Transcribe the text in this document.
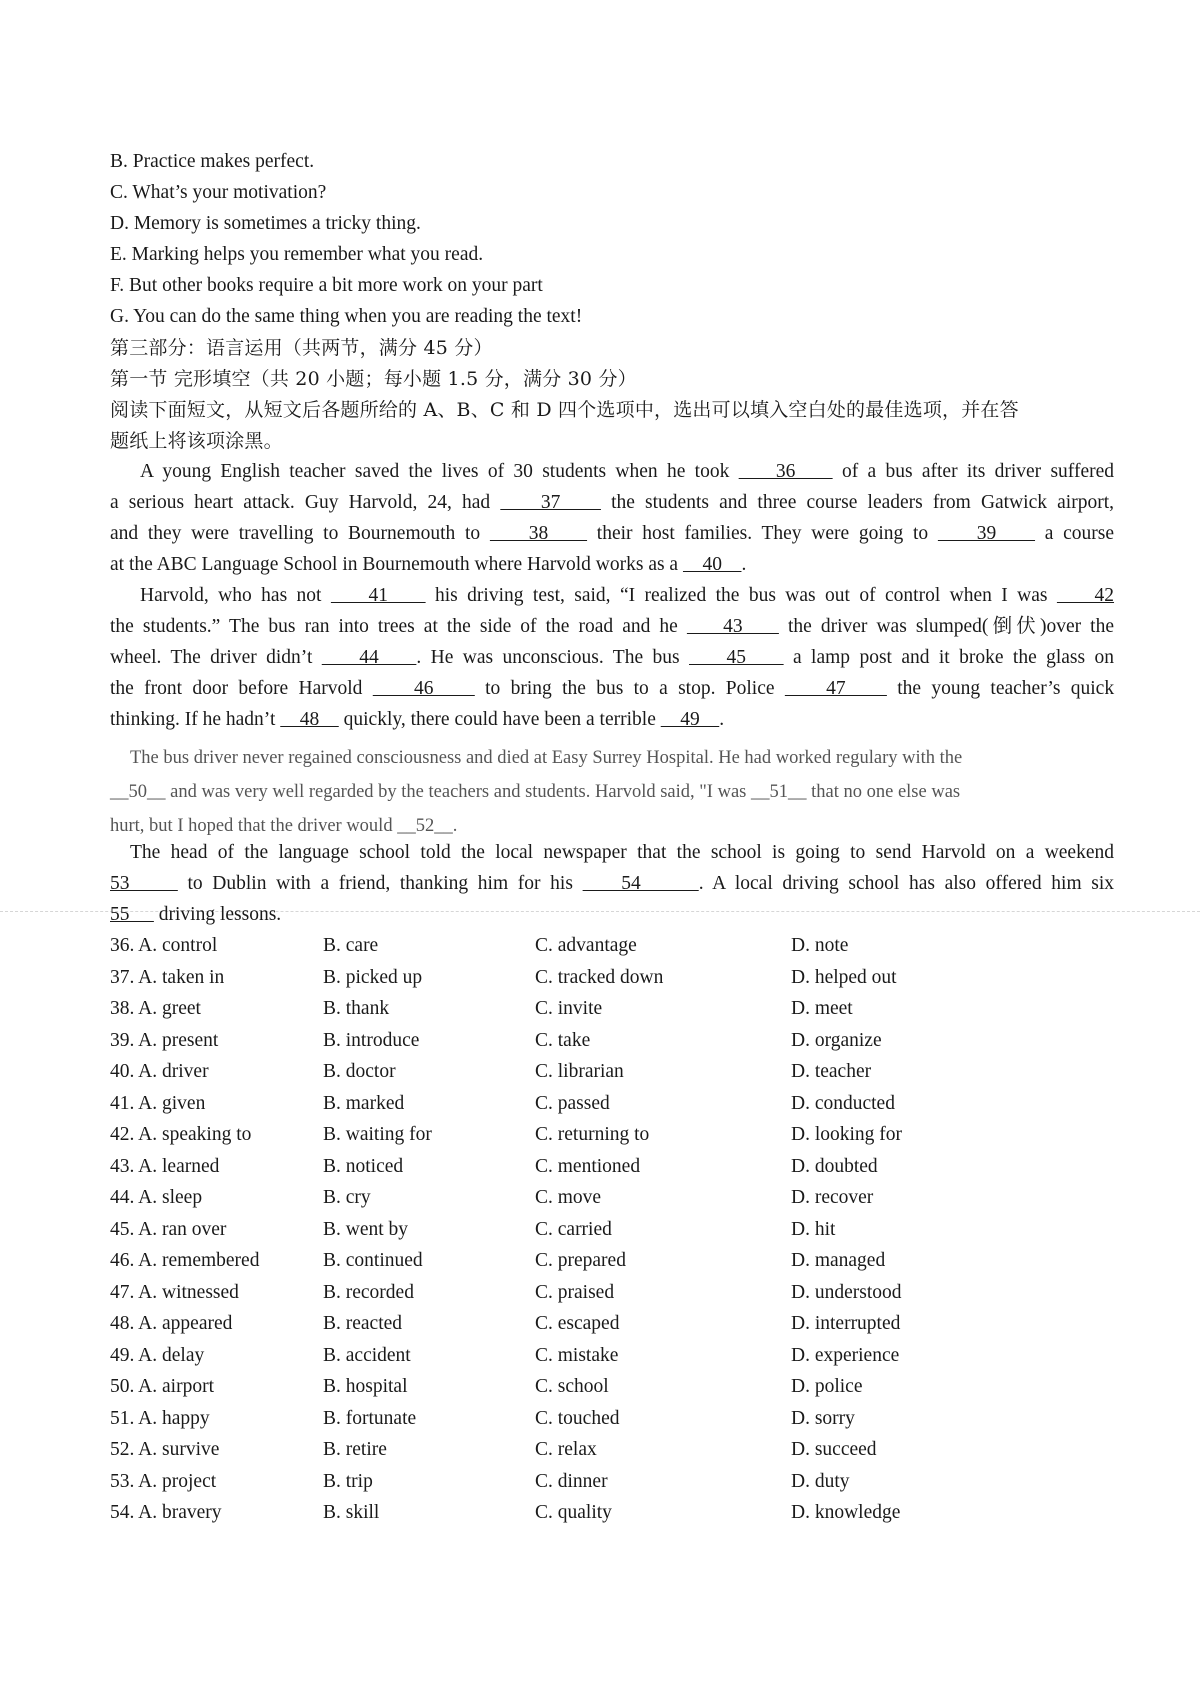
B. Practice makes perfect.
C. What’s your motivation?
D. Memory is sometimes a tricky thing.
E. Marking helps you remember what you read.
F. But other books require a bit more work on your part
G. You can do the same thing when you are reading the text!
第三部分：语言运用（共两节，满分 45 分）
第一节 完形填空（共 20 小题；每小题 1.5 分，满分 30 分）
阅读下面短文，从短文后各题所给的 A、B、C 和 D 四个选项中，选出可以填入空白处的最佳选项，并在答
题纸上将该项涂黑。
A young English teacher saved the lives of 30 students when he took     36     of a bus after its driver suffered
a serious heart attack. Guy Harvold, 24, had     37     the students and three course leaders from Gatwick airport,
and they were travelling to Bournemouth to     38     their host families. They were going to     39     a course
at the ABC Language School in Bournemouth where Harvold works as a     40    .
Harvold, who has not     41     his driving test, said, “I realized the bus was out of control when I was     42
the students.” The bus ran into trees at the side of the road and he     43     the driver was slumped(倒伏)over the
wheel. The driver didn’t     44    . He was unconscious. The bus     45     a lamp post and it broke the glass on
the front door before Harvold     46     to bring the bus to a stop. Police     47     the young teacher’s quick
thinking. If he hadn’t     48     quickly, there could have been a terrible     49    .
The bus driver never regained consciousness and died at Easy Surrey Hospital. He had worked regulary with the
__50__ and was very well regarded by the teachers and students. Harvold said, "I was __51__ that no one else was
hurt, but I hoped that the driver would __52__.
The head of the language school told the local newspaper that the school is going to send Harvold on a weekend
53      to Dublin with a friend, thanking him for his     54      . A local driving school has also offered him six
55      driving lessons.
36. A. control	B. care	C. advantage	D. note
37. A. taken in	B. picked up	C. tracked down	D. helped out
38. A. greet	B. thank	C. invite	D. meet
39. A. present	B. introduce	C. take	D. organize
40. A. driver	B. doctor	C. librarian	D. teacher
41. A. given	B. marked	C. passed	D. conducted
42. A. speaking to	B. waiting for	C. returning to	D. looking for
43. A. learned	B. noticed	C. mentioned	D. doubted
44. A. sleep	B. cry	C. move	D. recover
45. A. ran over	B. went by	C. carried	D. hit
46. A. remembered	B. continued	C. prepared	D. managed
47. A. witnessed	B. recorded	C. praised	D. understood
48. A. appeared	B. reacted	C. escaped	D. interrupted
49. A. delay	B. accident	C. mistake	D. experience
50. A. airport	B. hospital	C. school	D. police
51. A. happy	B. fortunate	C. touched	D. sorry
52. A. survive	B. retire	C. relax	D. succeed
53. A. project	B. trip	C. dinner	D. duty
54. A. bravery	B. skill	C. quality	D. knowledge
